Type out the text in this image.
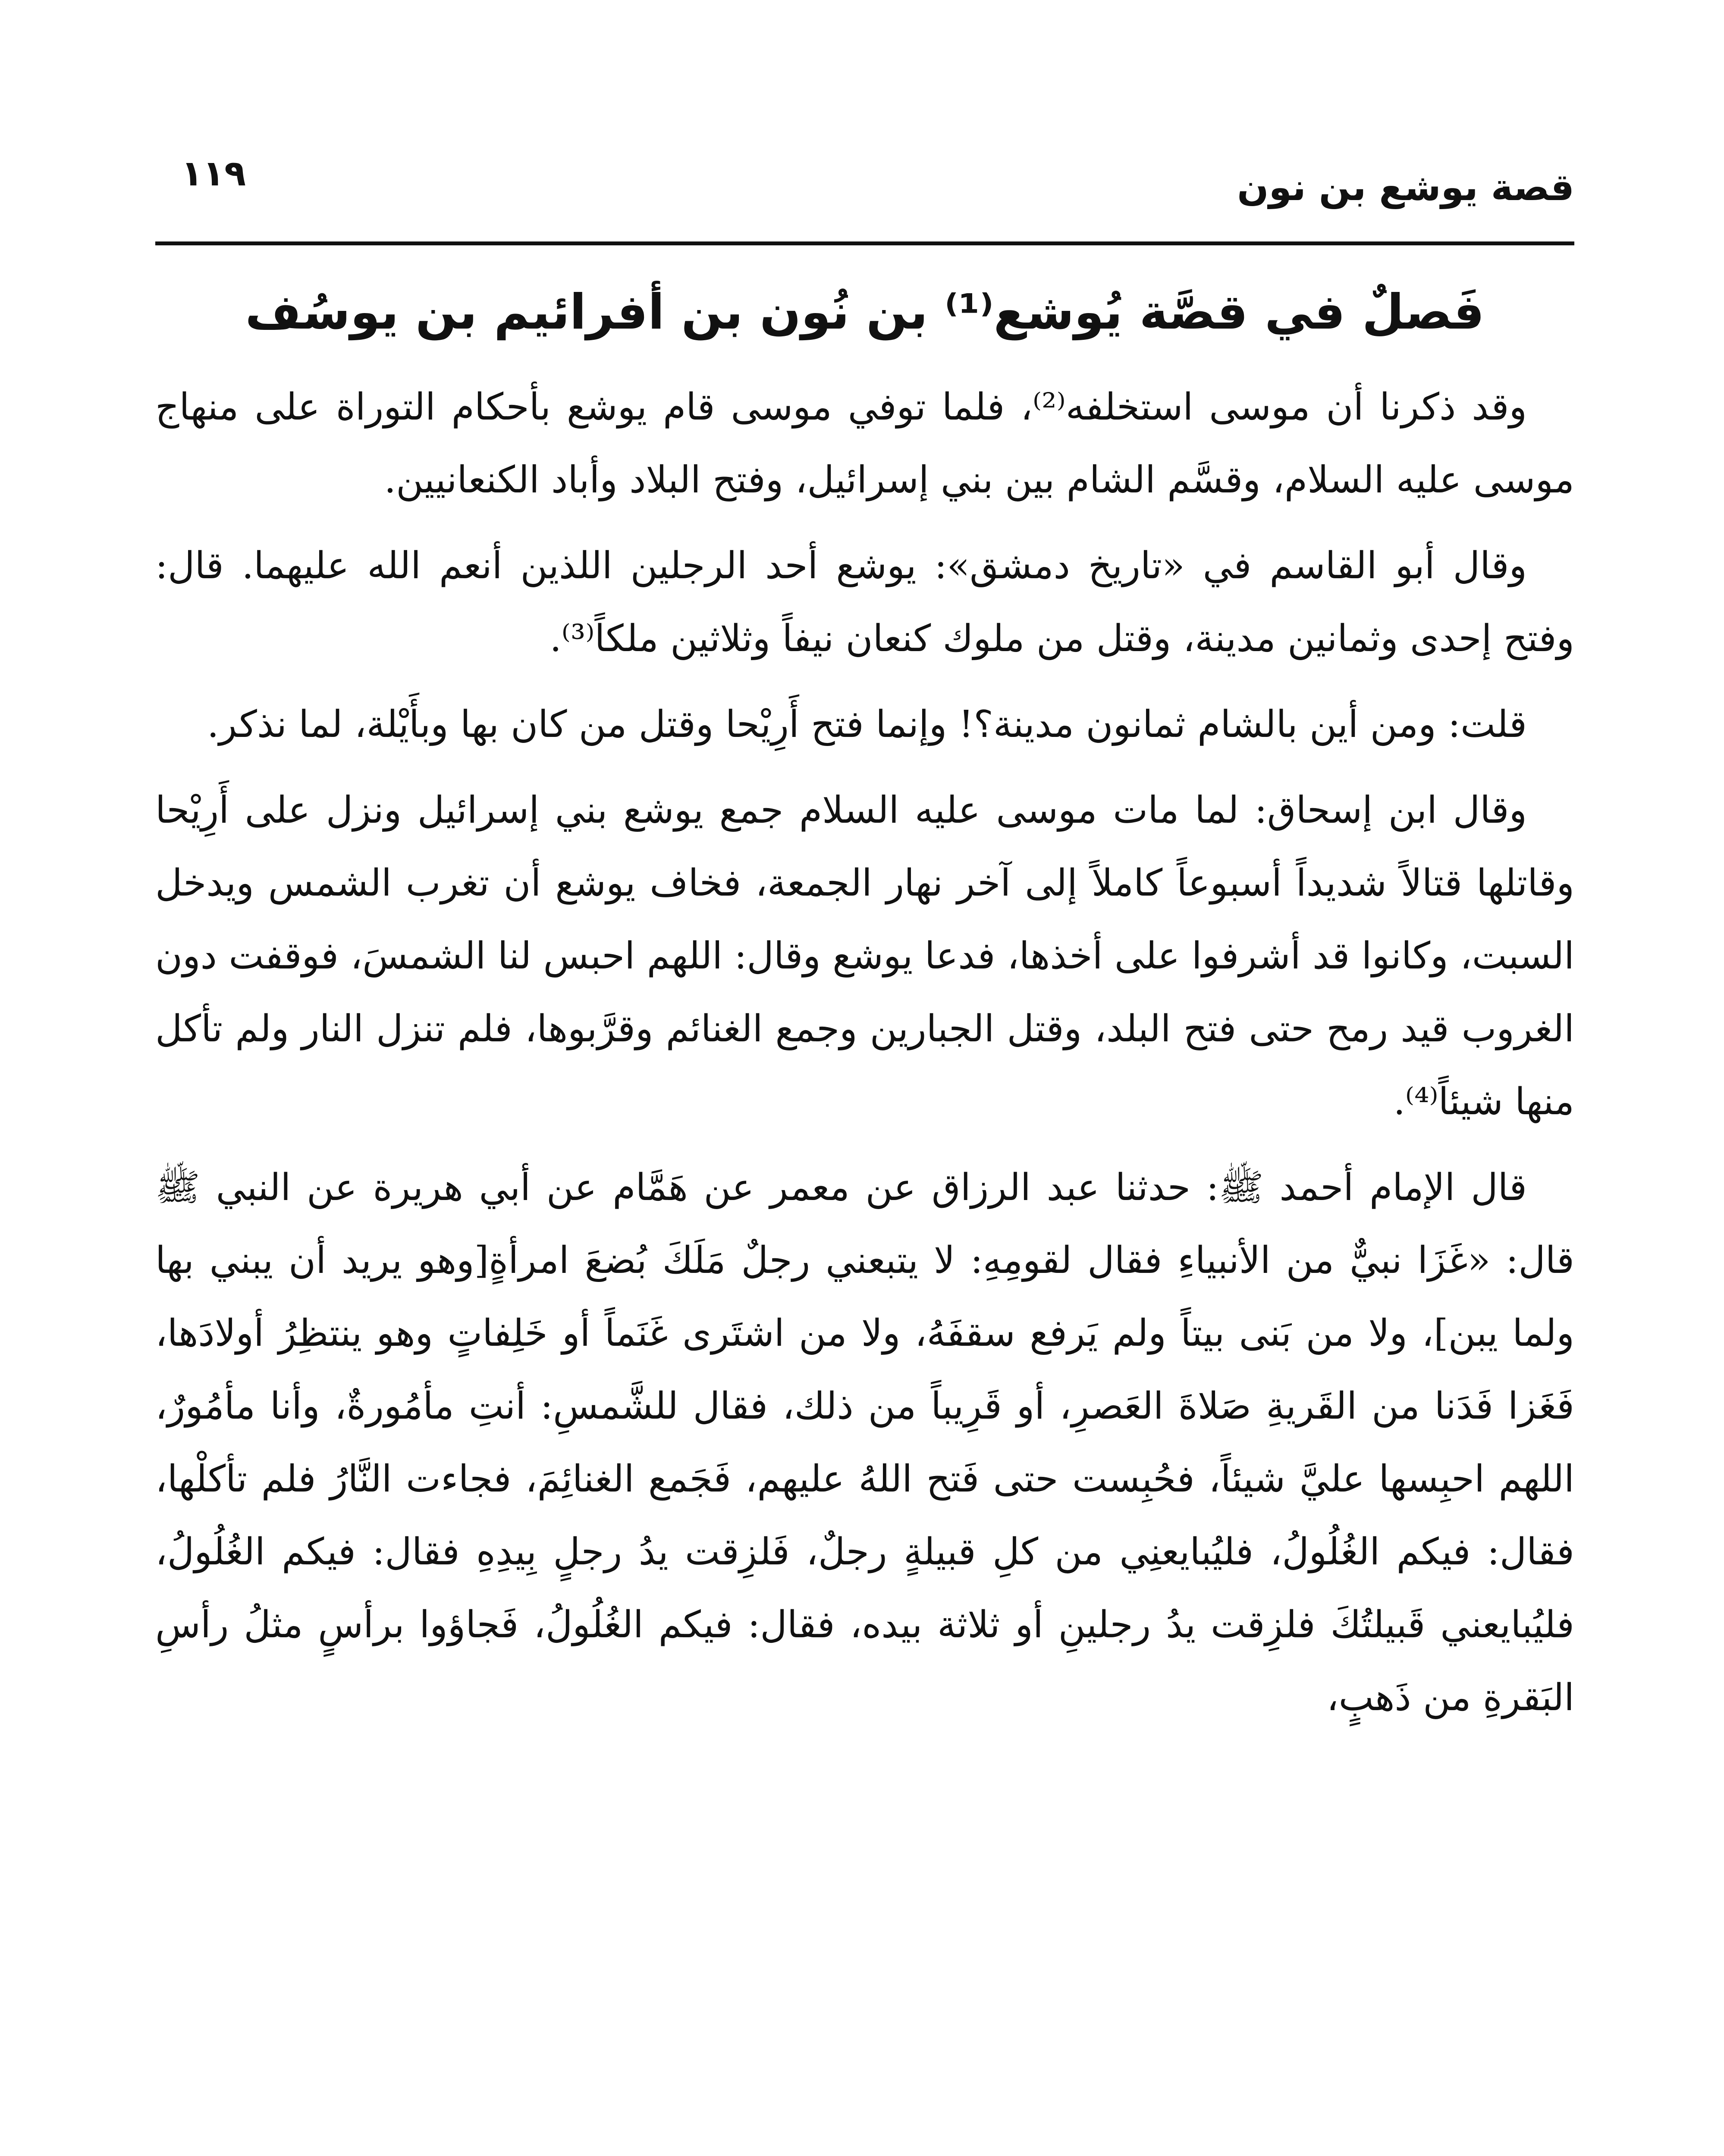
قصة يوشع بن نون
١١٩
فَصلٌ في قصَّة يُوشع⁽¹⁾ بن نُون بن أفرائيم بن يوسُف

وقد ذكرنا أن موسى استخلفه⁽²⁾، فلما توفي موسى قام يوشع بأحكام التوراة على منهاج موسى عليه السلام، وقسَّم الشام بين بني إسرائيل، وفتح البلاد وأباد الكنعانيين.

وقال أبو القاسم في «تاريخ دمشق»: يوشع أحد الرجلين اللذين أنعم الله عليهما. قال: وفتح إحدى وثمانين مدينة، وقتل من ملوك كنعان نيفاً وثلاثين ملكاً⁽³⁾.

قلت: ومن أين بالشام ثمانون مدينة؟! وإنما فتح أَرِيْحا وقتل من كان بها وبأَيْلة، لما نذكر.

وقال ابن إسحاق: لما مات موسى عليه السلام جمع يوشع بني إسرائيل ونزل على أَرِيْحا وقاتلها قتالاً شديداً أسبوعاً كاملاً إلى آخر نهار الجمعة، فخاف يوشع أن تغرب الشمس ويدخل السبت، وكانوا قد أشرفوا على أخذها، فدعا يوشع وقال: اللهم احبس لنا الشمسَ، فوقفت دون الغروب قيد رمح حتى فتح البلد، وقتل الجبارين وجمع الغنائم وقرَّبوها، فلم تنزل النار ولم تأكل منها شيئاً⁽⁴⁾.

قال الإمام أحمد ﷺ: حدثنا عبد الرزاق عن معمر عن هَمَّام عن أبي هريرة عن النبي ﷺ قال: «غَزَا نبيٌّ من الأنبياءِ فقال لقومِهِ: لا يتبعني رجلٌ مَلَكَ بُضعَ امرأةٍ[وهو يريد أن يبني بها ولما يبن]، ولا من بَنى بيتاً ولم يَرفع سقفَهُ، ولا من اشتَرى غَنَماً أو خَلِفاتٍ وهو ينتظِرُ أولادَها، فَغَزا فَدَنا من القَريةِ صَلاةَ العَصرِ، أو قَرِيباً من ذلك، فقال للشَّمسِ: أنتِ مأمُورةٌ، وأنا مأمُورٌ، اللهم احبِسها عليَّ شيئاً، فحُبِست حتى فَتح اللهُ عليهم، فَجَمع الغنائِمَ، فجاءت النَّارُ فلم تأكلْها، فقال: فيكم الغُلُولُ، فليُبايعنِي من كلِ قبيلةٍ رجلٌ، فَلزِقت يدُ رجلٍ بِيدِهِ فقال: فيكم الغُلُولُ، فليُبايعني قَبيلتُكَ فلزِقت يدُ رجلينِ أو ثلاثة بيده، فقال: فيكم الغُلُولُ، فَجاؤوا برأسٍ مثلُ رأسِ البَقرةِ من ذَهبٍ،
